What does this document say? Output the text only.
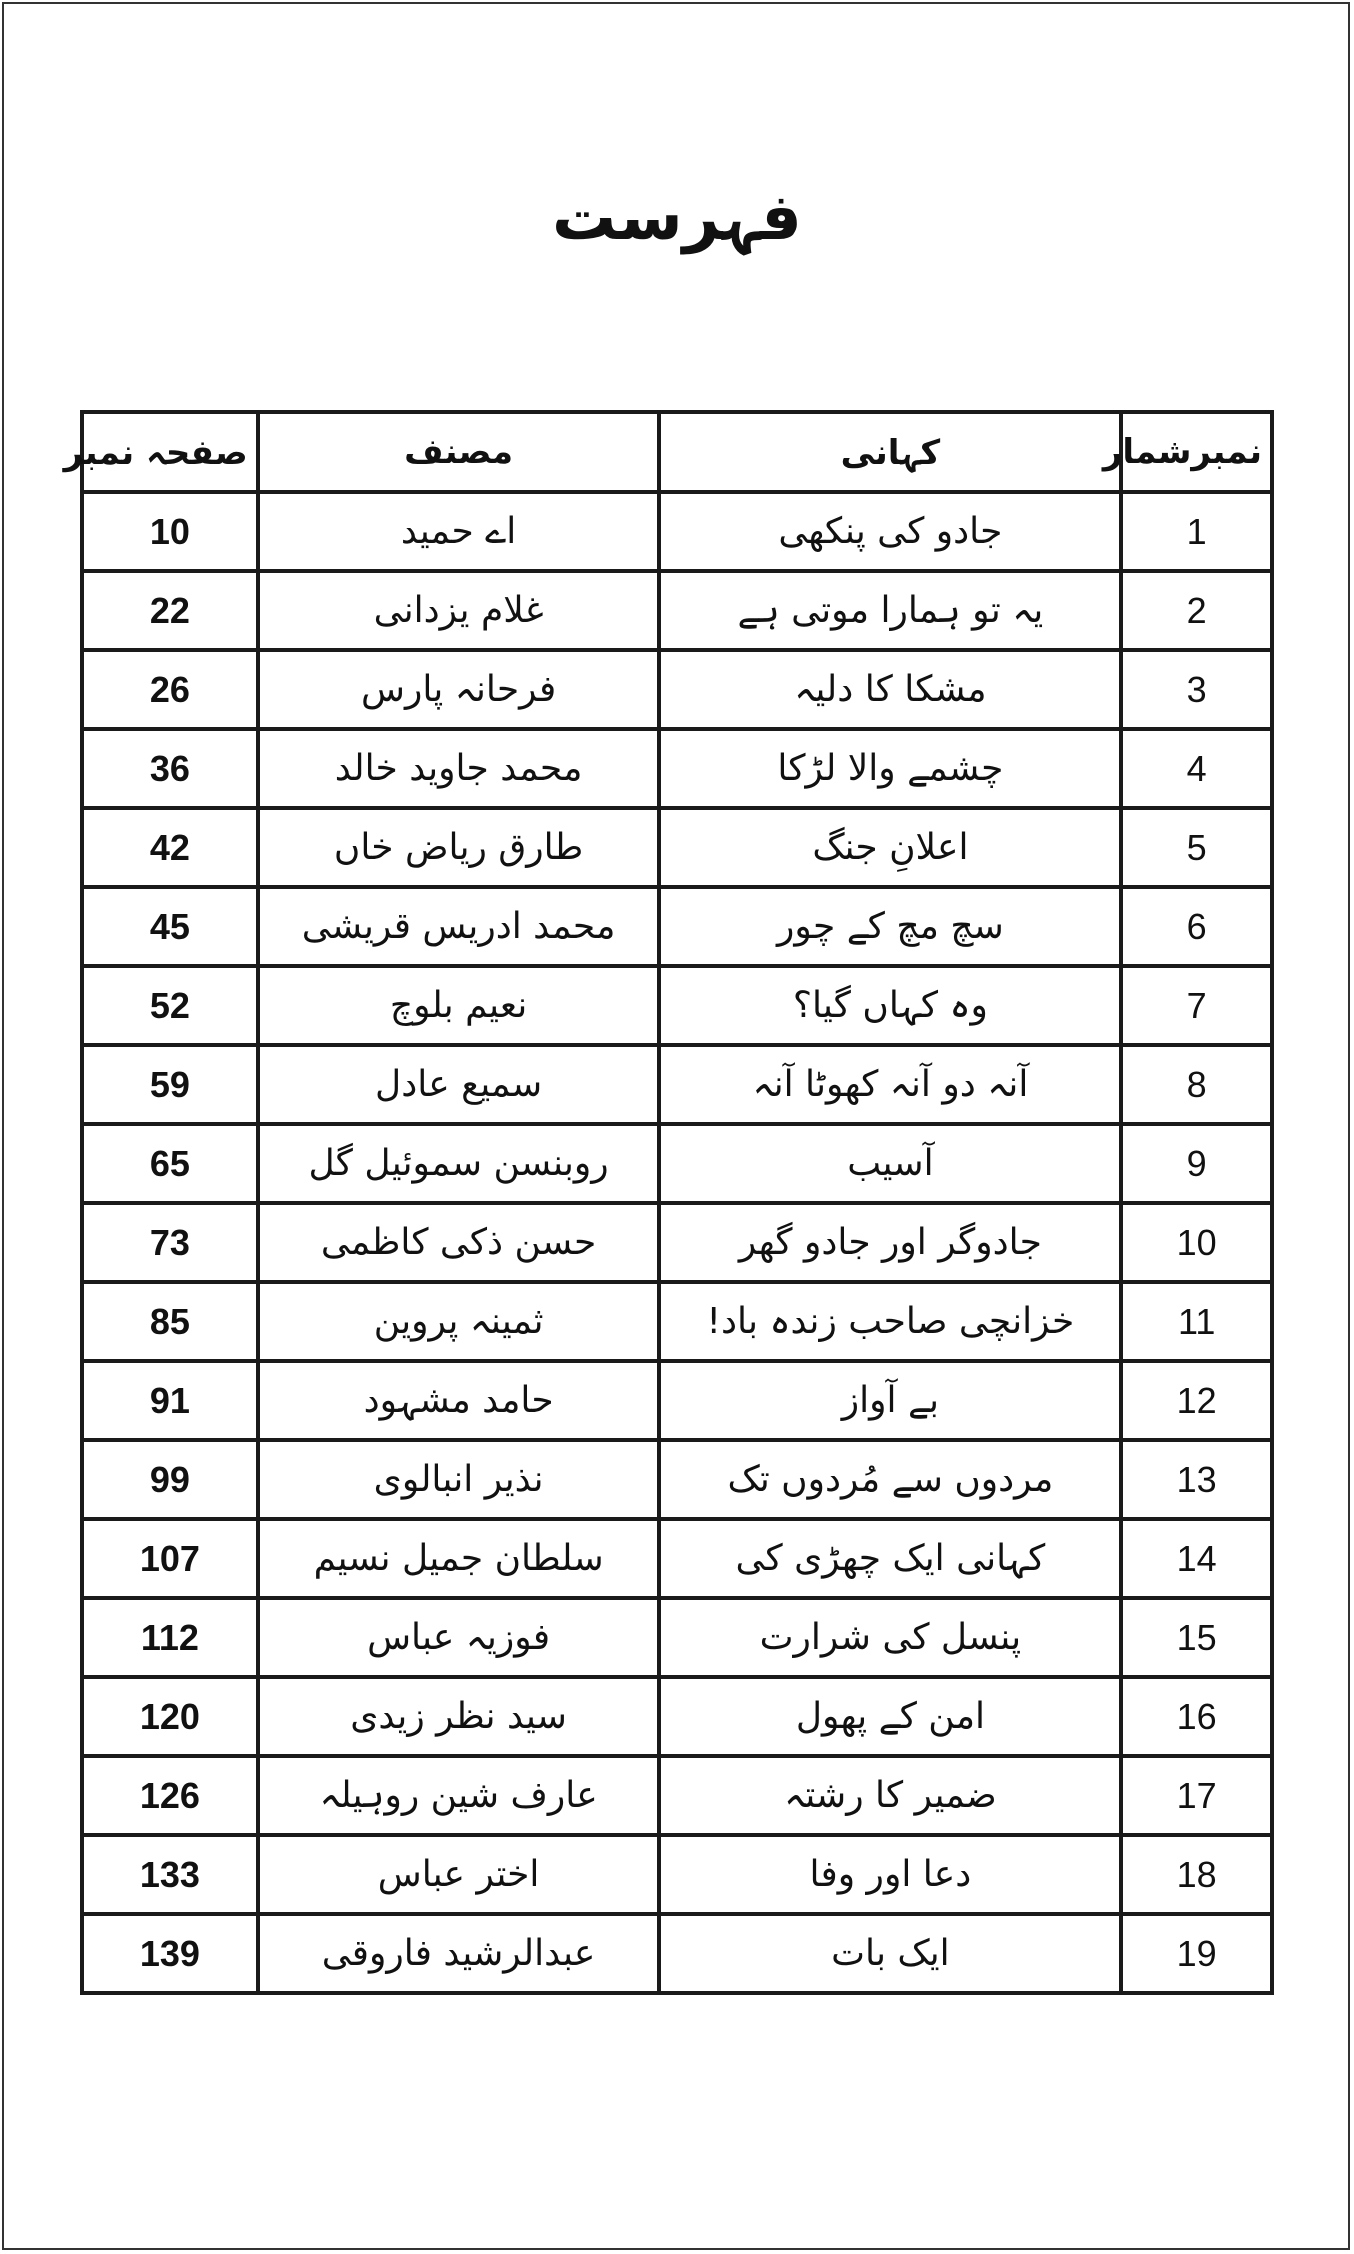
فہرست
نمبرشمار	کہانی	مصنف	صفحہ نمبر
1	جادو کی پنکھی	اے حمید	10
2	یہ تو ہمارا موتی ہے	غلام یزدانی	22
3	مشکا کا دلیہ	فرحانہ پارس	26
4	چشمے والا لڑکا	محمد جاوید خالد	36
5	اعلانِ جنگ	طارق ریاض خاں	42
6	سچ مچ کے چور	محمد ادریس قریشی	45
7	وہ کہاں گیا؟	نعیم بلوچ	52
8	آنہ دو آنہ کھوٹا آنہ	سمیع عادل	59
9	آسیب	روبنسن سموئیل گل	65
10	جادوگر اور جادو گھر	حسن ذکی کاظمی	73
11	خزانچی صاحب زندہ باد!	ثمینہ پروین	85
12	بے آواز	حامد مشہود	91
13	مردوں سے مُردوں تک	نذیر انبالوی	99
14	کہانی ایک چھڑی کی	سلطان جمیل نسیم	107
15	پنسل کی شرارت	فوزیہ عباس	112
16	امن کے پھول	سید نظر زیدی	120
17	ضمیر کا رشتہ	عارف شین روہیلہ	126
18	دعا اور وفا	اختر عباس	133
19	ایک بات	عبدالرشید فاروقی	139
